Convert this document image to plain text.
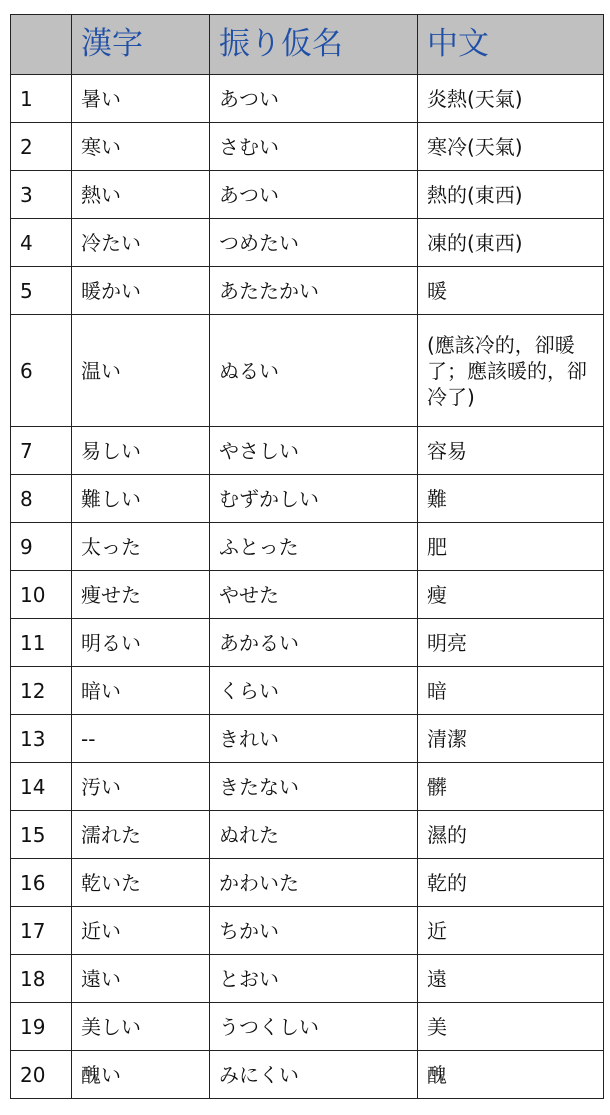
	漢字	振り仮名	中文
1	暑い	あつい	炎熱(天氣)
2	寒い	さむい	寒冷(天氣)
3	熱い	あつい	熱的(東西)
4	冷たい	つめたい	凍的(東西)
5	暖かい	あたたかい	暖
6	温い	ぬるい	(應該冷的，卻暖了；應該暖的，卻冷了)
7	易しい	やさしい	容易
8	難しい	むずかしい	難
9	太った	ふとった	肥
10	痩せた	やせた	瘦
11	明るい	あかるい	明亮
12	暗い	くらい	暗
13	--	きれい	清潔
14	汚い	きたない	髒
15	濡れた	ぬれた	濕的
16	乾いた	かわいた	乾的
17	近い	ちかい	近
18	遠い	とおい	遠
19	美しい	うつくしい	美
20	醜い	みにくい	醜
